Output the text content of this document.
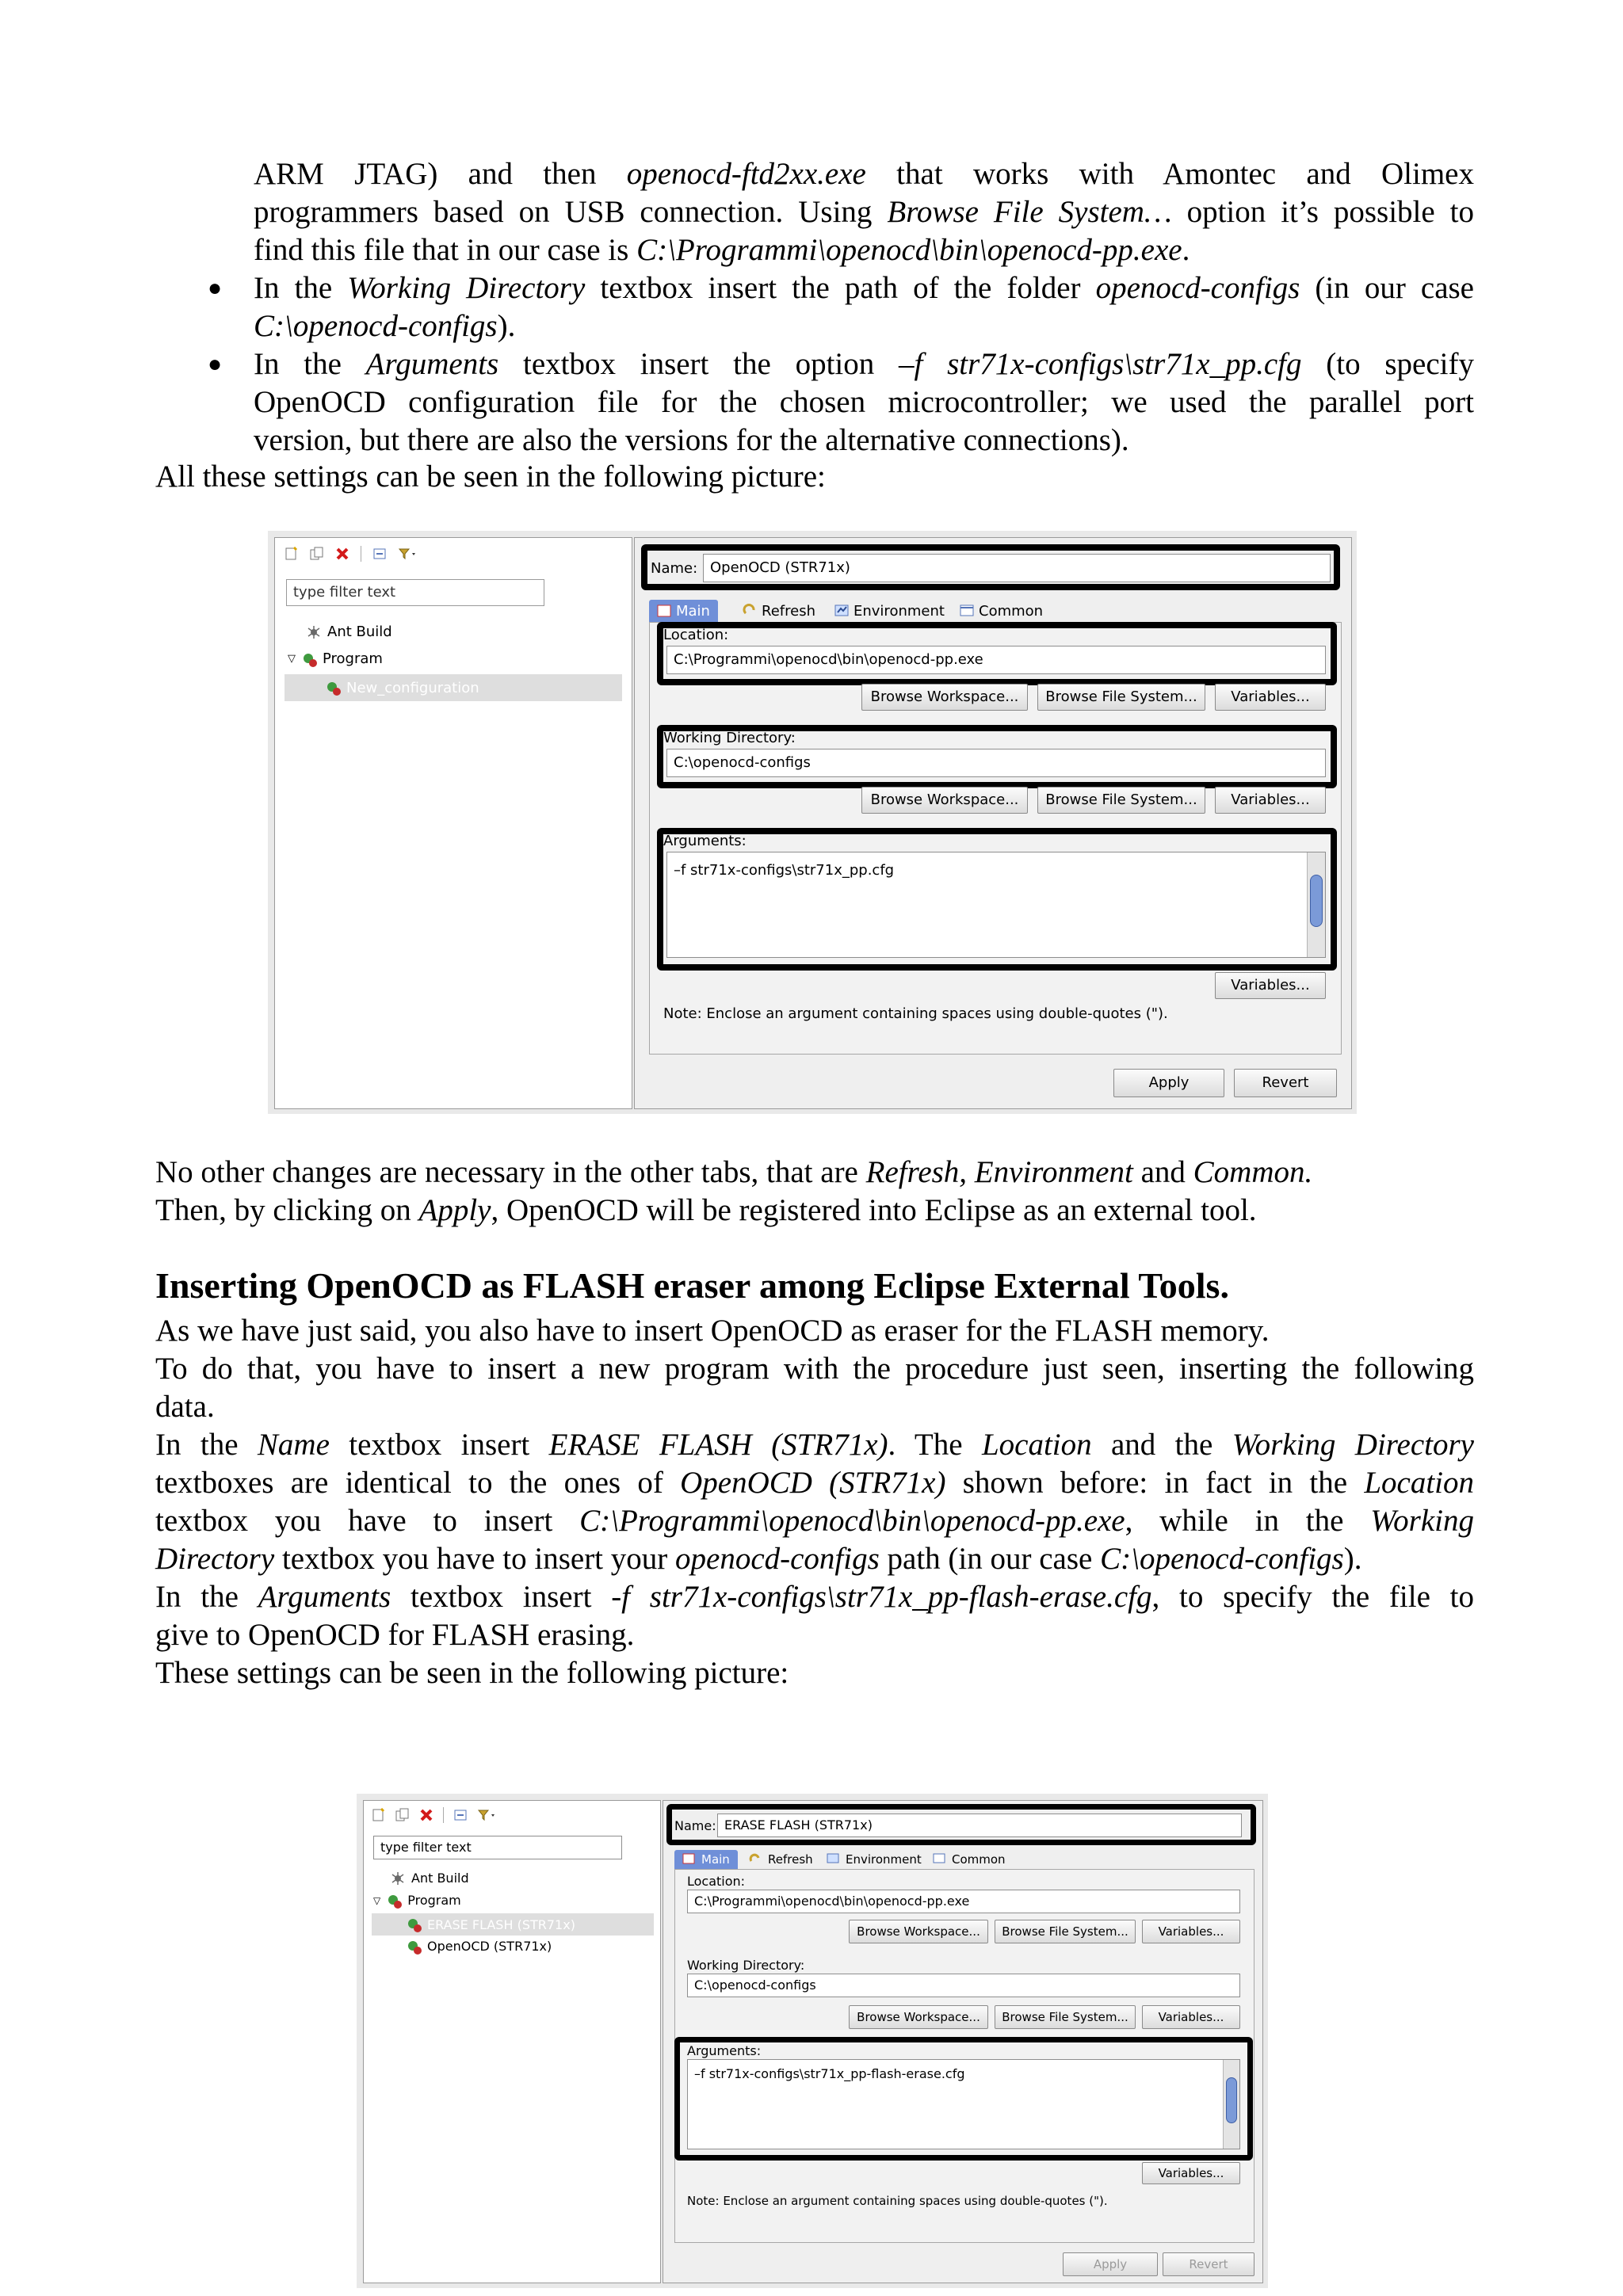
ARM JTAG) and then openocd-ftd2xx.exe that works with Amontec and Olimex
programmers based on USB connection. Using Browse File System… option it’s possible to
find this file that in our case is C:\Programmi\openocd\bin\openocd-pp.exe.
● In the Working Directory textbox insert the path of the folder openocd-configs (in our case
C:\openocd-configs).
● In the Arguments textbox insert the option –f str71x-configs\str71x_pp.cfg (to specify
OpenOCD configuration file for the chosen microcontroller; we used the parallel port
version, but there are also the versions for the alternative connections).
All these settings can be seen in the following picture:
type filter text
Ant Build
▽ Program
New_configuration
Name: OpenOCD (STR71x)
Main	Refresh	Environment Common
Location:
C:\Programmi\openocd\bin\openocd-pp.exe
Browse Workspace...	Browse File System...	Variables...
Working Directory:
C:\openocd-configs
Browse Workspace...	Browse File System...	Variables...
Arguments:
–f str71x-configs\str71x_pp.cfg
Variables...
Note: Enclose an argument containing spaces using double-quotes (").
Apply	Revert
No other changes are necessary in the other tabs, that are Refresh, Environment and Common.
Then, by clicking on Apply, OpenOCD will be registered into Eclipse as an external tool.
Inserting OpenOCD as FLASH eraser among Eclipse External Tools.
As we have just said, you also have to insert OpenOCD as eraser for the FLASH memory.
To do that, you have to insert a new program with the procedure just seen, inserting the following
data.
In the Name textbox insert ERASE FLASH (STR71x). The Location and the Working Directory
textboxes are identical to the ones of OpenOCD (STR71x) shown before: in fact in the Location
textbox you have to insert C:\Programmi\openocd\bin\openocd-pp.exe, while in the Working
Directory textbox you have to insert your openocd-configs path (in our case C:\openocd-configs).
In the Arguments textbox insert -f str71x-configs\str71x_pp-flash-erase.cfg, to specify the file to
give to OpenOCD for FLASH erasing.
These settings can be seen in the following picture:
type filter text
Ant Build
▽ Program
ERASE FLASH (STR71x)
OpenOCD (STR71x)
Name: ERASE FLASH (STR71x)
Main	Refresh	Environment	Common
Location:
C:\Programmi\openocd\bin\openocd-pp.exe
Browse Workspace...	Browse File System...	Variables...
Working Directory:
C:\openocd-configs
Browse Workspace...	Browse File System...	Variables...
Arguments:
–f str71x-configs\str71x_pp-flash-erase.cfg
Variables...
Note: Enclose an argument containing spaces using double-quotes (").
Apply	Revert
